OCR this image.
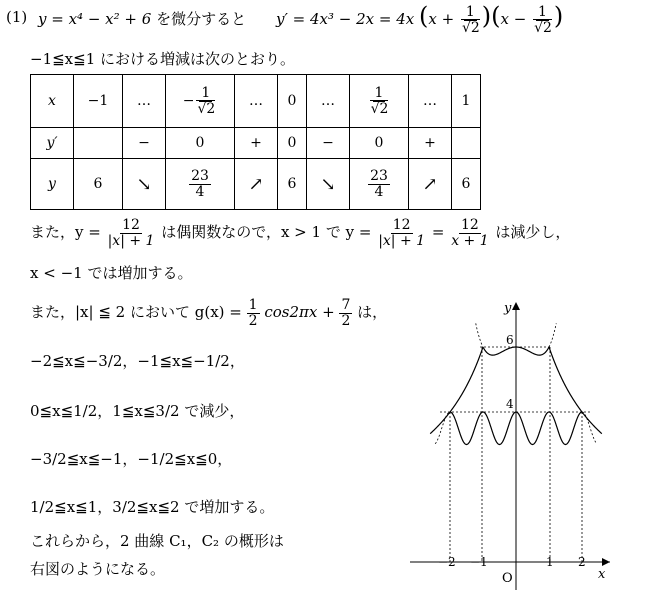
(1) y = x⁴ − x² + 6 を微分すると y′ = 4x³ − 2x = 4x $(x + \frac{1}{√2} )(x - \frac{1}{√2}$ )
−1≦x≦1 における増減は次のとおり。
x	−1	…	− $\frac{1}{√2}$	…	0	…	$\frac{1}{√2}$	…	1
y′		−	0	+	0	−	0	+	
y	6	↘	$\frac{23}{4}$	↗	6	↘	$\frac{23}{4}$	↗	6
また，$y = \frac{12}{|x| + 1}$ は偶関数なので，x > 1 で $y = \frac{12}{|x| + 1} = \frac{12}{x + 1}$ は減少し，
x < −1 では増加する。
また，|x| ≦ 2 において $g(x) = \frac{1}{2} \cos 2\pi x + \frac{7}{2}$ は，
−2≦x≦−3/2，−1≦x≦−1/2，
0≦x≦1/2，1≦x≦3/2 で減少，
−3/2≦x≦−1，−1/2≦x≦0，
1/2≦x≦1，3/2≦x≦2 で増加する。
これらから，2 曲線 C₁，C₂ の概形は
右図のようになる。
y
x
O
6
4
−2 −1	1 2
